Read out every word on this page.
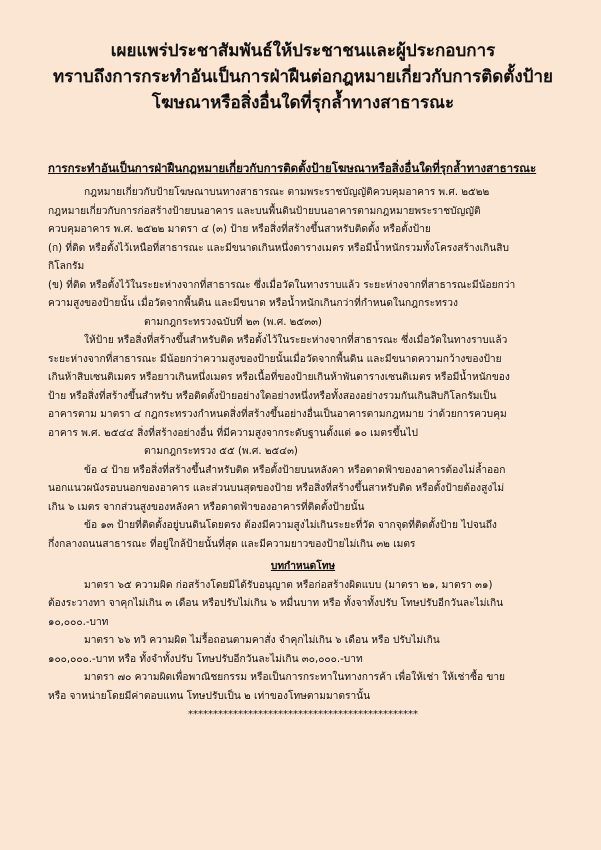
เผยแพร่ประชาสัมพันธ์ให้ประชาชนและผู้ประกอบการ
ทราบถึงการกระทำอันเป็นการฝ่าฝืนต่อกฎหมายเกี่ยวกับการติดตั้งป้าย
โฆษณาหรือสิ่งอื่นใดที่รุกล้ำทางสาธารณะ
การกระทำอันเป็นการฝ่าฝืนกฎหมายเกี่ยวกับการติดตั้งป้ายโฆษณาหรือสิ่งอื่นใดที่รุกล้ำทางสาธารณะ
กฎหมายเกี่ยวกับป้ายโฆษณาบนทางสาธารณะ ตามพระราชบัญญัติควบคุมอาคาร พ.ศ. ๒๕๒๒
กฎหมายเกี่ยวกับการก่อสร้างป้ายบนอาคาร และบนพื้นดินป้ายบนอาคารตามกฎหมายพระราชบัญญัติ
ควบคุมอาคาร พ.ศ. ๒๕๒๒ มาตรา ๔ (๓) ป้าย หรือสิ่งที่สร้างขึ้นสาหรับติดตั้ง หรือตั้งป้าย
(ก) ที่ติด หรือตั้งไว้เหนือที่สาธารณะ และมีขนาดเกินหนึ่งตารางเมตร หรือมีน้ำหนักรวมทั้งโครงสร้างเกินสิบ
กิโลกรัม
(ข) ที่ติด หรือตั้งไว้ในระยะห่างจากที่สาธารณะ ซึ่งเมื่อวัดในทางราบแล้ว ระยะห่างจากที่สาธารณะมีน้อยกว่า
ความสูงของป้ายนั้น เมื่อวัดจากพื้นดิน และมีขนาด หรือน้ำหนักเกินกว่าที่กำหนดในกฎกระทรวง
ตามกฎกระทรวงฉบับที่ ๒๓ (พ.ศ. ๒๕๓๓)
ให้ป้าย หรือสิ่งที่สร้างขึ้นสำหรับติด หรือตั้งไว้ในระยะห่างจากที่สาธารณะ ซึ่งเมื่อวัดในทางราบแล้ว
ระยะห่างจากที่สาธารณะ มีน้อยกว่าความสูงของป้ายนั้นเมื่อวัดจากพื้นดิน และมีขนาดความกว้างของป้าย
เกินห้าสิบเซนติเมตร หรือยาวเกินหนึ่งเมตร หรือเนื้อที่ของป้ายเกินห้าพันตารางเซนติเมตร หรือมีน้ำหนักของ
ป้าย หรือสิ่งที่สร้างขึ้นสำหรับ หรือติดตั้งป้ายอย่างใดอย่างหนึ่งหรือทั้งสองอย่างรวมกันเกินสิบกิโลกรัมเป็น
อาคารตาม มาตรา ๔ กฎกระทรวงกำหนดสิ่งที่สร้างขึ้นอย่างอื่นเป็นอาคารตามกฎหมาย ว่าด้วยการควบคุม
อาคาร พ.ศ. ๒๕๔๔ สิ่งที่สร้างอย่างอื่น ที่มีความสูงจากระดับฐานตั้งแต่ ๑๐ เมตรขึ้นไป
ตามกฎกระทรวง ๕๕ (พ.ศ. ๒๕๔๓)
ข้อ ๔ ป้าย หรือสิ่งที่สร้างขึ้นสำหรับติด หรือตั้งป้ายบนหลังคา หรือดาดฟ้าของอาคารต้องไม่ล้ำออก
นอกแนวผนังรอบนอกของอาคาร และส่วนบนสุดของป้าย หรือสิ่งที่สร้างขึ้นสาหรับติด หรือตั้งป้ายต้องสูงไม่
เกิน ๖ เมตร จากส่วนสูงของหลังคา หรือดาดฟ้าของอาคารที่ติดตั้งป้ายนั้น
ข้อ ๑๓ ป้ายที่ติดตั้งอยู่บนดินโดยตรง ต้องมีความสูงไม่เกินระยะที่วัด จากจุดที่ติดตั้งป้าย ไปจนถึง
กึ่งกลางถนนสาธารณะ ที่อยู่ใกล้ป้ายนั้นที่สุด และมีความยาวของป้ายไม่เกิน ๓๒ เมตร
บทกำหนดโทษ
มาตรา ๖๕ ความผิด ก่อสร้างโดยมิได้รับอนุญาต หรือก่อสร้างผิดแบบ (มาตรา ๒๑, มาตรา ๓๑)
ต้องระวางทา จาคุกไม่เกิน ๓ เดือน หรือปรับไม่เกิน ๖ หมื่นบาท หรือ ทั้งจาทั้งปรับ โทษปรับอีกวันละไม่เกิน
๑๐,๐๐๐.-บาท
มาตรา ๖๖ ทวิ ความผิด ไม่รื้อถอนตามคาสั่ง จำคุกไม่เกิน ๖ เดือน หรือ ปรับไม่เกิน
๑๐๐,๐๐๐.-บาท หรือ ทั้งจำทั้งปรับ โทษปรับอีกวันละไม่เกิน ๓๐,๐๐๐.-บาท
มาตรา ๗๐ ความผิดเพื่อพาณิชยกรรม หรือเป็นการกระทาในทางการค้า เพื่อให้เช่า ให้เช่าซื้อ ขาย
หรือ จาหน่ายโดยมีค่าตอบแทน โทษปรับเป็น ๒ เท่าของโทษตามมาตรานั้น
**********************************************
